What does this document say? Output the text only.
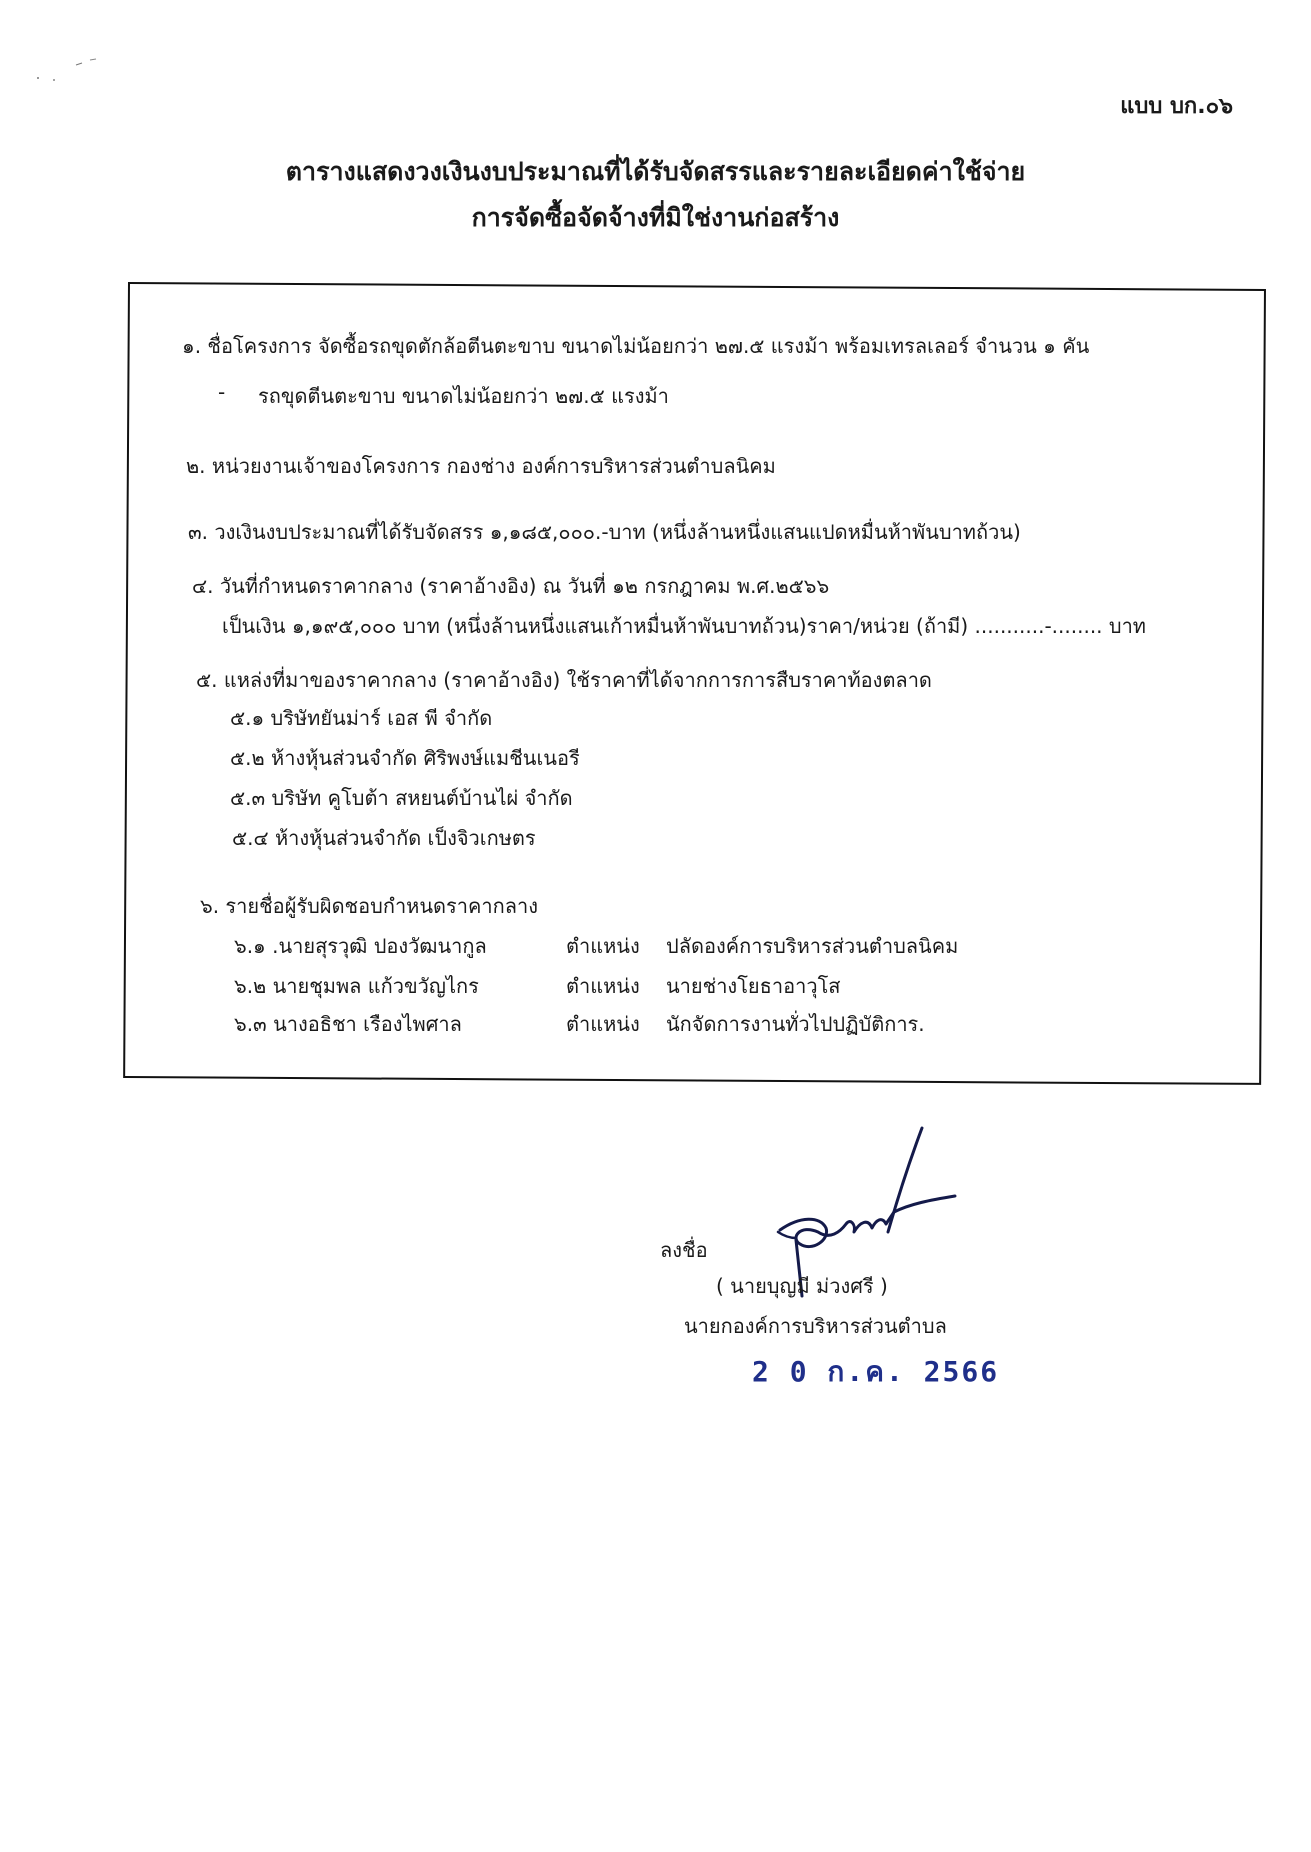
แบบ บก.๐๖
ตารางแสดงวงเงินงบประมาณที่ได้รับจัดสรรและรายละเอียดค่าใช้จ่าย
การจัดซื้อจัดจ้างที่มิใช่งานก่อสร้าง
๑. ชื่อโครงการ จัดซื้อรถขุดตักล้อตีนตะขาบ ขนาดไม่น้อยกว่า ๒๗.๕ แรงม้า พร้อมเทรลเลอร์ จำนวน ๑ คัน
- รถขุดตีนตะขาบ ขนาดไม่น้อยกว่า ๒๗.๕ แรงม้า
๒. หน่วยงานเจ้าของโครงการ กองช่าง องค์การบริหารส่วนตำบลนิคม
๓. วงเงินงบประมาณที่ได้รับจัดสรร ๑,๑๘๕,๐๐๐.-บาท (หนึ่งล้านหนึ่งแสนแปดหมื่นห้าพันบาทถ้วน)
๔. วันที่กำหนดราคากลาง (ราคาอ้างอิง) ณ วันที่ ๑๒ กรกฎาคม พ.ศ.๒๕๖๖
เป็นเงิน ๑,๑๙๕,๐๐๐ บาท (หนึ่งล้านหนึ่งแสนเก้าหมื่นห้าพันบาทถ้วน)ราคา/หน่วย (ถ้ามี) ...........-........ บาท
๕. แหล่งที่มาของราคากลาง (ราคาอ้างอิง) ใช้ราคาที่ได้จากการการสืบราคาท้องตลาด
๕.๑ บริษัทยันม่าร์ เอส พี จำกัด
๕.๒ ห้างหุ้นส่วนจำกัด ศิริพงษ์แมชีนเนอรี
๕.๓ บริษัท คูโบต้า สหยนต์บ้านไผ่ จำกัด
๕.๔ ห้างหุ้นส่วนจำกัด เป็งจิวเกษตร
๖. รายชื่อผู้รับผิดชอบกำหนดราคากลาง
๖.๑ .นายสุรวุฒิ ปองวัฒนากูล	ตำแหน่ง ปลัดองค์การบริหารส่วนตำบลนิคม
๖.๒ นายชุมพล แก้วขวัญไกร	ตำแหน่ง นายช่างโยธาอาวุโส
๖.๓ นางอธิชา เรืองไพศาล	ตำแหน่ง นักจัดการงานทั่วไปปฏิบัติการ.
ลงชื่อ
( นายบุญมี ม่วงศรี )
นายกองค์การบริหารส่วนตำบล
2 0 ก.ค. 2566
